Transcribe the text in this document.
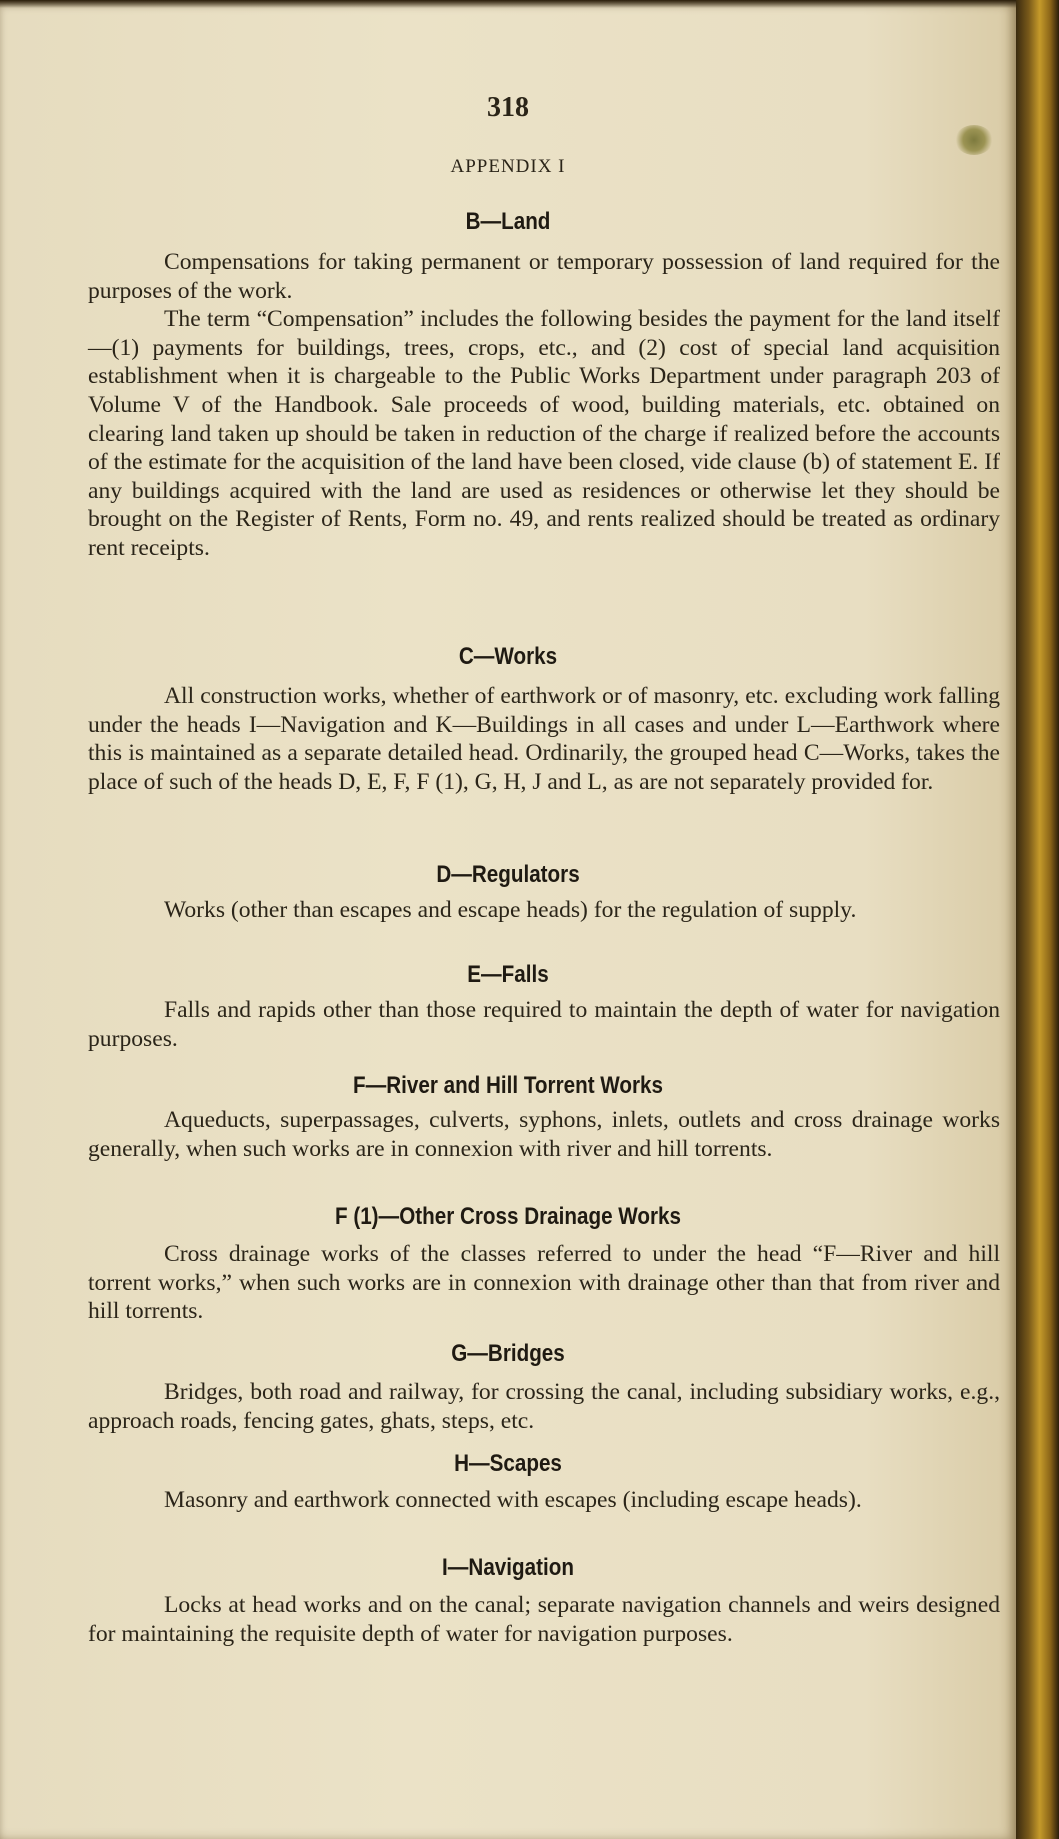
318
APPENDIX I
B—Land

Compensations for taking permanent or temporary possession of land required for the purposes of the work.

The term “Compensation” includes the following besides the payment for the land itself —(1) payments for buildings, trees, crops, etc., and (2) cost of special land acquisition establishment when it is chargeable to the Public Works Department under paragraph 203 of Volume V of the Handbook. Sale proceeds of wood, building materials, etc. obtained on clearing land taken up should be taken in reduction of the charge if realized before the accounts of the estimate for the acquisition of the land have been closed, vide clause (b) of statement E. If any buildings acquired with the land are used as residences or otherwise let they should be brought on the Register of Rents, Form no. 49, and rents realized should be treated as ordinary rent receipts.

C—Works

All construction works, whether of earthwork or of masonry, etc. excluding work falling under the heads I—Navigation and K—Buildings in all cases and under L—Earthwork where this is maintained as a separate detailed head. Ordinarily, the grouped head C—Works, takes the place of such of the heads D, E, F, F (1), G, H, J and L, as are not separately provided for.

D—Regulators

Works (other than escapes and escape heads) for the regulation of supply.

E—Falls

Falls and rapids other than those required to maintain the depth of water for navigation purposes.

F—River and Hill Torrent Works

Aqueducts, superpassages, culverts, syphons, inlets, outlets and cross drainage works generally, when such works are in connexion with river and hill torrents.

F (1)—Other Cross Drainage Works

Cross drainage works of the classes referred to under the head “F—River and hill torrent works,” when such works are in connexion with drainage other than that from river and hill torrents.

G—Bridges

Bridges, both road and railway, for crossing the canal, including subsidiary works, e.g., approach roads, fencing gates, ghats, steps, etc.

H—Scapes

Masonry and earthwork connected with escapes (including escape heads).

I—Navigation

Locks at head works and on the canal; separate navigation channels and weirs designed for maintaining the requisite depth of water for navigation purposes.
